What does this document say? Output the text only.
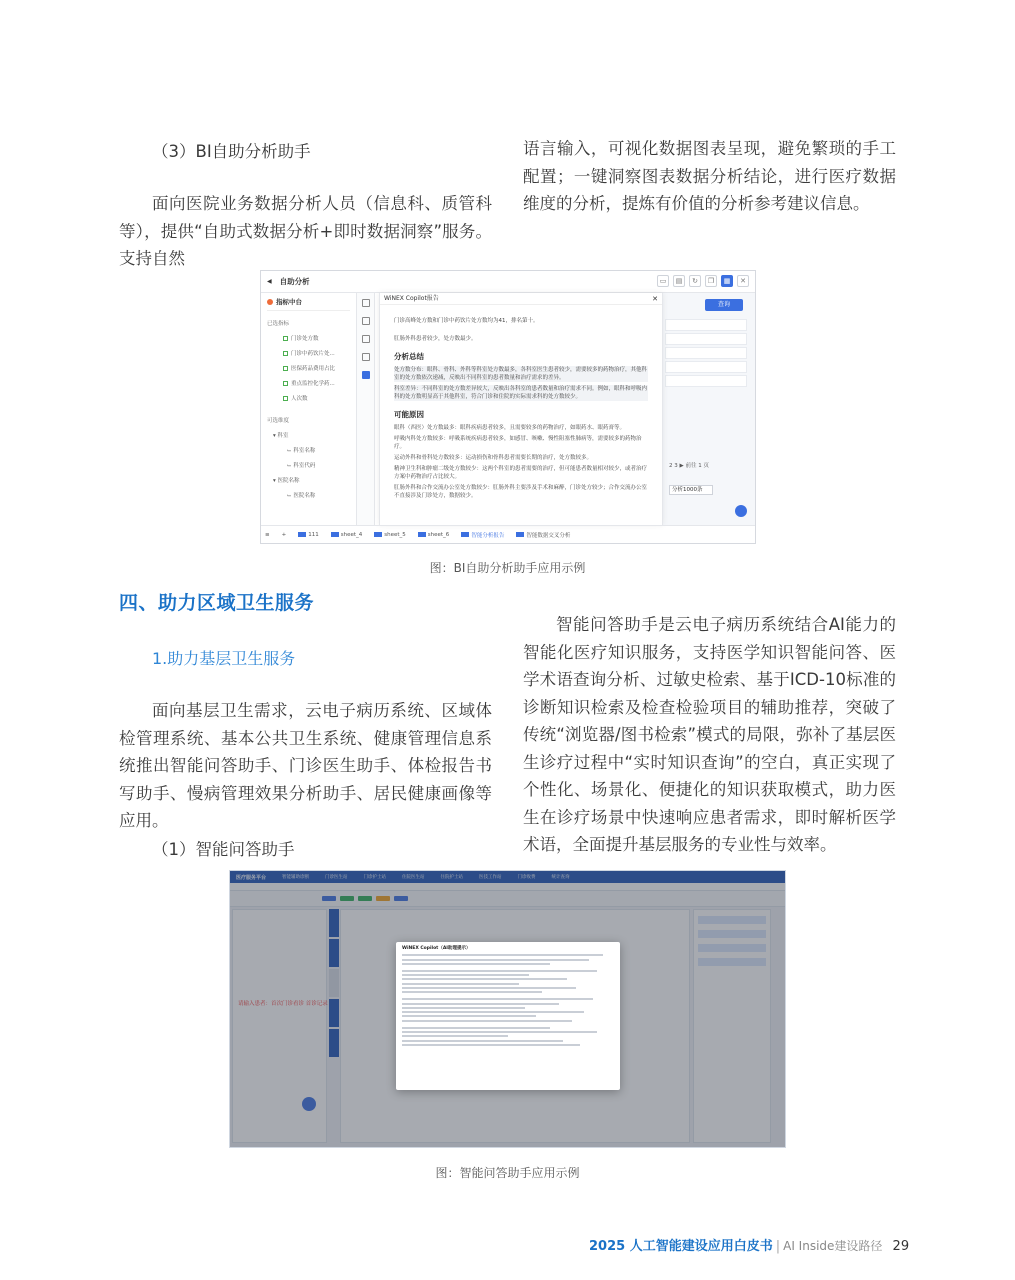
（3）BI自助分析助手
面向医院业务数据分析人员（信息科、质管科等），提供“自助式数据分析+即时数据洞察”服务。支持自然
语言输入，可视化数据图表呈现，避免繁琐的手工配置；一键洞察图表数据分析结论，进行医疗数据维度的分析，提炼有价值的分析参考建议信息。
◀ 自助分析	▭	▤	↻	❐	▦	✕
指标中台
已选指标
门诊处方数
门诊中药饮片处...
医保药品费用占比
重点监控化学药...
人次数
可选维度
▾ 科室
⌙ 科室名称
⌙ 科室代码
▾ 医院名称
⌙ 医院名称
查询
2 3 ▶ 前往 1 页
分析1000条
WiNEX Copilot报告	✕

门诊高峰处方数和门诊中药饮片处方数均为41，排名第十。

肛肠外科患者较少，处方数最少。

分析总结

处方数分布：眼科、骨科、外科等科室处方数最多，各科室医生患者较少，需要较多的药物治疗，其他科室的处方数依次递减，反映出不同科室的患者数量和治疗需求的差异。

科室差异：不同科室的处方数差异较大，反映出各科室的患者数量和治疗需求不同。例如，眼科和呼吸内科的处方数明显高于其他科室，符合门诊和住院的实际需求科的处方数较少。

可能原因

眼科（西医）处方数最多：眼科疾病患者较多，且需要较多的药物治疗，如眼药水、眼药膏等。

呼吸内科处方数较多：呼吸系统疾病患者较多，如感冒、咳嗽、慢性阻塞性肺病等，需要较多的药物治疗。

运动外科和骨科处方数较多：运动损伤和骨科患者需要长期的治疗，处方数较多。

精神卫生科和肿瘤二级处方数较少：这两个科室的患者需要的治疗，但可能患者数量相对较少，或者治疗方案中药物治疗占比较大。

肛肠外科和合作交流办公室处方数较少：肛肠外科主要涉及手术和麻醉，门诊处方较少；合作交流办公室不直接涉及门诊处方，数据较少。

≡ +	111	sheet_4	sheet_5	sheet_6	智能分析报告	智能数据交叉分析
图：BI自助分析助手应用示例
四、助力区域卫生服务
1.助力基层卫生服务
面向基层卫生需求，云电子病历系统、区域体检管理系统、基本公共卫生系统、健康管理信息系统推出智能问答助手、门诊医生助手、体检报告书写助手、慢病管理效果分析助手、居民健康画像等应用。
（1）智能问答助手
智能问答助手是云电子病历系统结合AI能力的智能化医疗知识服务，支持医学知识智能问答、医学术语查询分析、过敏史检索、基于ICD-10标准的诊断知识检索及检查检验项目的辅助推荐，突破了传统“浏览器/图书检索”模式的局限，弥补了基层医生诊疗过程中“实时知识查询”的空白，真正实现了个性化、场景化、便捷化的知识获取模式，助力医生在诊疗场景中快速响应患者需求，即时解析医学术语，全面提升基层服务的专业性与效率。
医疗服务平台	智能辅助诊断	门诊医生站	门诊护士站	住院医生站	住院护士站	医技工作站	门诊收费	统计查询
请输入患者：首次门诊看诊 首诊记录
WiNEX Copilot（AI助理提示）
图：智能问答助手应用示例
2025 人工智能建设应用白皮书 | AI Inside建设路径 29
